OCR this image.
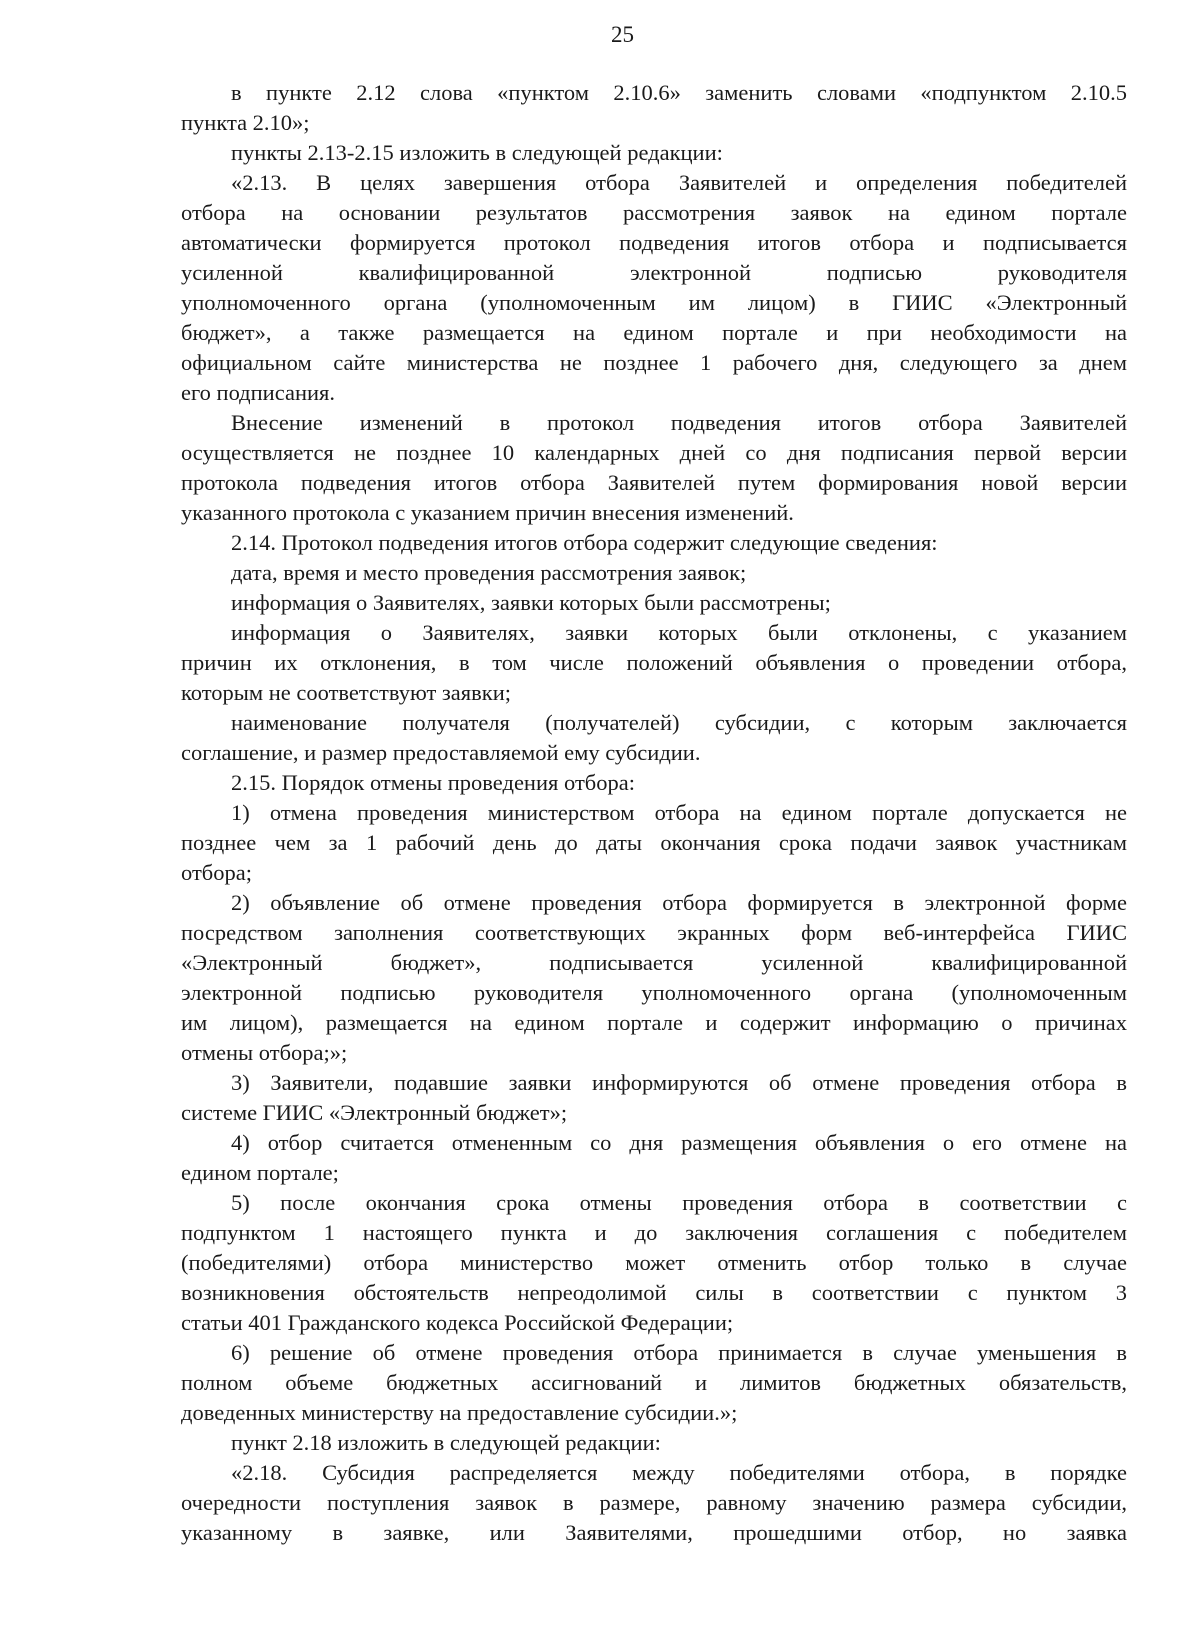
25
в пункте 2.12 слова «пунктом 2.10.6» заменить словами «подпунктом 2.10.5
пункта 2.10»;
пункты 2.13-2.15 изложить в следующей редакции:
«2.13. В целях завершения отбора Заявителей и определения победителей
отбора на основании результатов рассмотрения заявок на едином портале
автоматически формируется протокол подведения итогов отбора и подписывается
усиленной квалифицированной электронной подписью руководителя
уполномоченного органа (уполномоченным им лицом) в ГИИС «Электронный
бюджет», а также размещается на едином портале и при необходимости на
официальном сайте министерства не позднее 1 рабочего дня, следующего за днем
его подписания.
Внесение изменений в протокол подведения итогов отбора Заявителей
осуществляется не позднее 10 календарных дней со дня подписания первой версии
протокола подведения итогов отбора Заявителей путем формирования новой версии
указанного протокола с указанием причин внесения изменений.
2.14. Протокол подведения итогов отбора содержит следующие сведения:
дата, время и место проведения рассмотрения заявок;
информация о Заявителях, заявки которых были рассмотрены;
информация о Заявителях, заявки которых были отклонены, с указанием
причин их отклонения, в том числе положений объявления о проведении отбора,
которым не соответствуют заявки;
наименование получателя (получателей) субсидии, с которым заключается
соглашение, и размер предоставляемой ему субсидии.
2.15. Порядок отмены проведения отбора:
1) отмена проведения министерством отбора на едином портале допускается не
позднее чем за 1 рабочий день до даты окончания срока подачи заявок участникам
отбора;
2) объявление об отмене проведения отбора формируется в электронной форме
посредством заполнения соответствующих экранных форм веб-интерфейса ГИИС
«Электронный бюджет», подписывается усиленной квалифицированной
электронной подписью руководителя уполномоченного органа (уполномоченным
им лицом), размещается на едином портале и содержит информацию о причинах
отмены отбора;»;
3) Заявители, подавшие заявки информируются об отмене проведения отбора в
системе ГИИС «Электронный бюджет»;
4) отбор считается отмененным со дня размещения объявления о его отмене на
едином портале;
5) после окончания срока отмены проведения отбора в соответствии с
подпунктом 1 настоящего пункта и до заключения соглашения с победителем
(победителями) отбора министерство может отменить отбор только в случае
возникновения обстоятельств непреодолимой силы в соответствии с пунктом 3
статьи 401 Гражданского кодекса Российской Федерации;
6) решение об отмене проведения отбора принимается в случае уменьшения в
полном объеме бюджетных ассигнований и лимитов бюджетных обязательств,
доведенных министерству на предоставление субсидии.»;
пункт 2.18 изложить в следующей редакции:
«2.18. Субсидия распределяется между победителями отбора, в порядке
очередности поступления заявок в размере, равному значению размера субсидии,
указанному в заявке, или Заявителями, прошедшими отбор, но заявка
